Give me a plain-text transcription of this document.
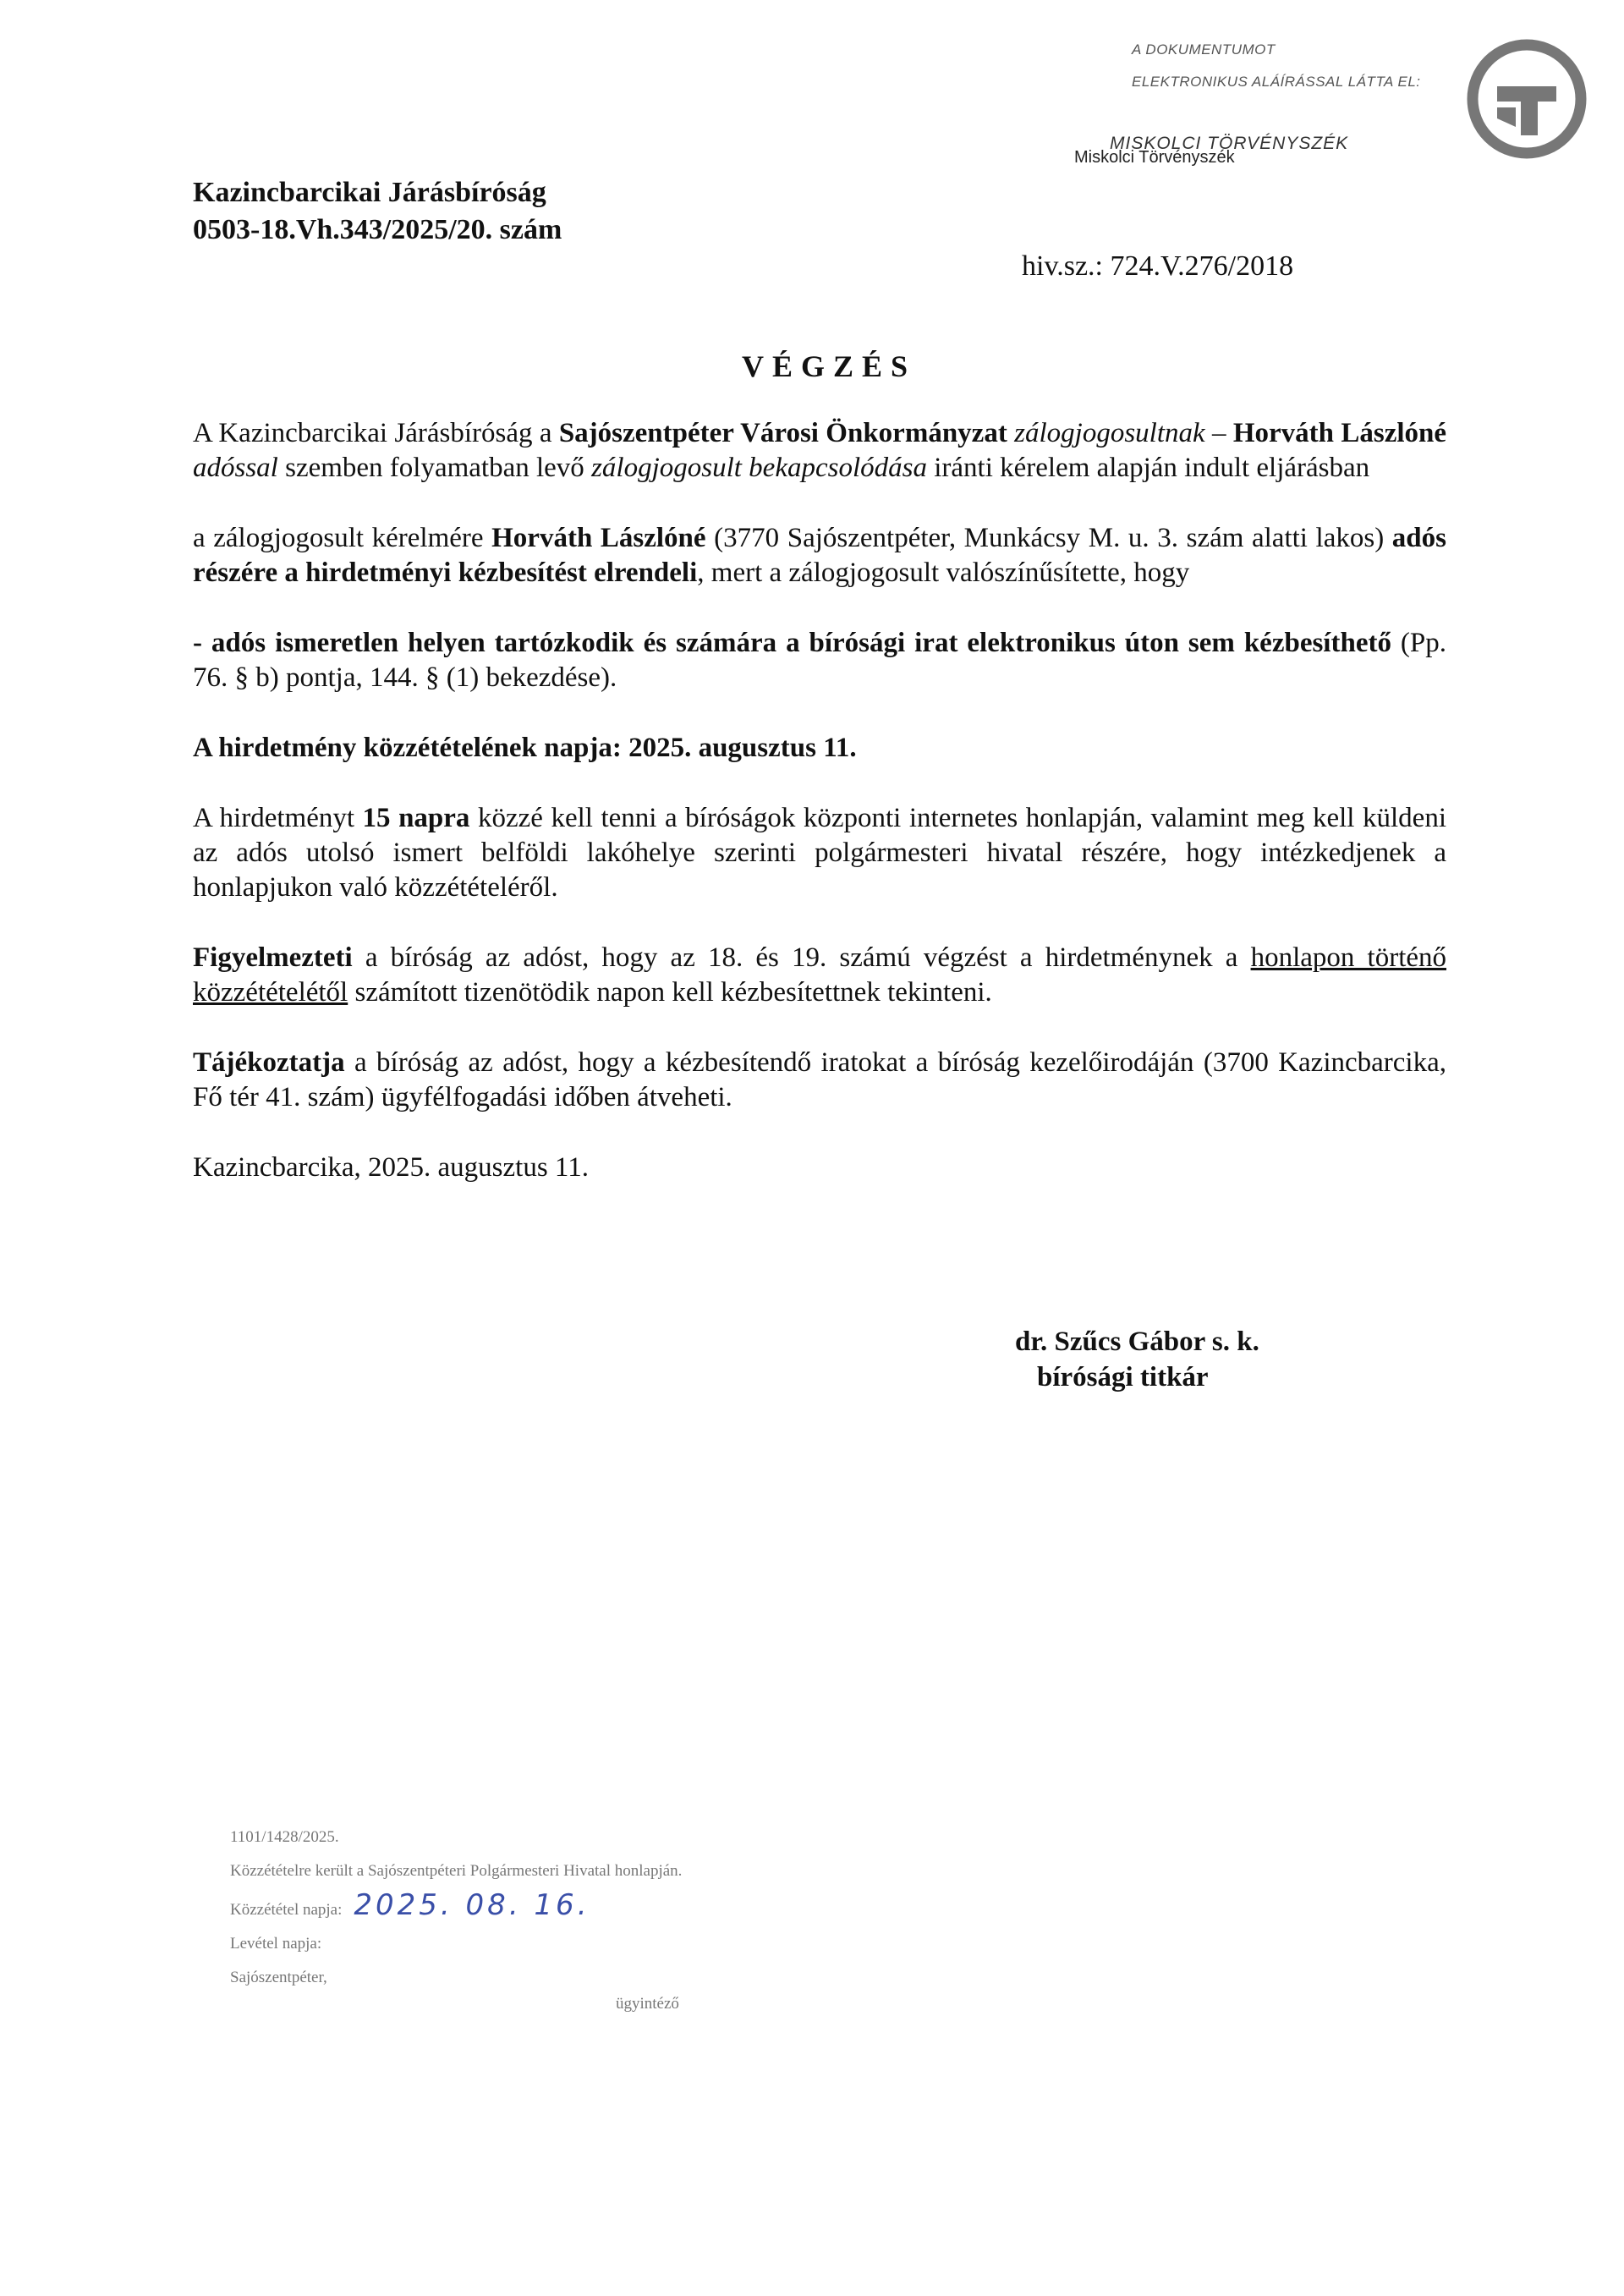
A DOKUMENTUMOT
ELEKTRONIKUS ALÁÍRÁSSAL LÁTTA EL:
MISKOLCI TÖRVÉNYSZÉK
Miskolci Törvényszék
Kazincbarcikai Járásbíróság
0503-18.Vh.343/2025/20. szám
hiv.sz.: 724.V.276/2018
VÉGZÉS

A Kazincbarcikai Járásbíróság a Sajószentpéter Városi Önkormányzat zálogjogosultnak – Horváth Lászlóné adóssal szemben folyamatban levő zálogjogosult bekapcsolódása iránti kérelem alapján indult eljárásban

a zálogjogosult kérelmére Horváth Lászlóné (3770 Sajószentpéter, Munkácsy M. u. 3. szám alatti lakos) adós részére a hirdetményi kézbesítést elrendeli, mert a zálogjogosult valószínűsítette, hogy

- adós ismeretlen helyen tartózkodik és számára a bírósági irat elektronikus úton sem kézbesíthető (Pp. 76. § b) pontja, 144. § (1) bekezdése).

A hirdetmény közzétételének napja: 2025. augusztus 11.

A hirdetményt 15 napra közzé kell tenni a bíróságok központi internetes honlapján, valamint meg kell küldeni az adós utolsó ismert belföldi lakóhelye szerinti polgármesteri hivatal részére, hogy intézkedjenek a honlapjukon való közzétételéről.

Figyelmezteti a bíróság az adóst, hogy az 18. és 19. számú végzést a hirdetménynek a honlapon történő közzétételétől számított tizenötödik napon kell kézbesítettnek tekinteni.

Tájékoztatja a bíróság az adóst, hogy a kézbesítendő iratokat a bíróság kezelőirodáján (3700 Kazincbarcika, Fő tér 41. szám) ügyfélfogadási időben átveheti.

Kazincbarcika, 2025. augusztus 11.

dr. Szűcs Gábor s. k.
bírósági titkár
1101/1428/2025.
Közzétételre került a Sajószentpéteri Polgármesteri Hivatal honlapján.
Közzététel napja: 2025. 08. 16.
Levétel napja:
Sajószentpéter,
ügyintéző
